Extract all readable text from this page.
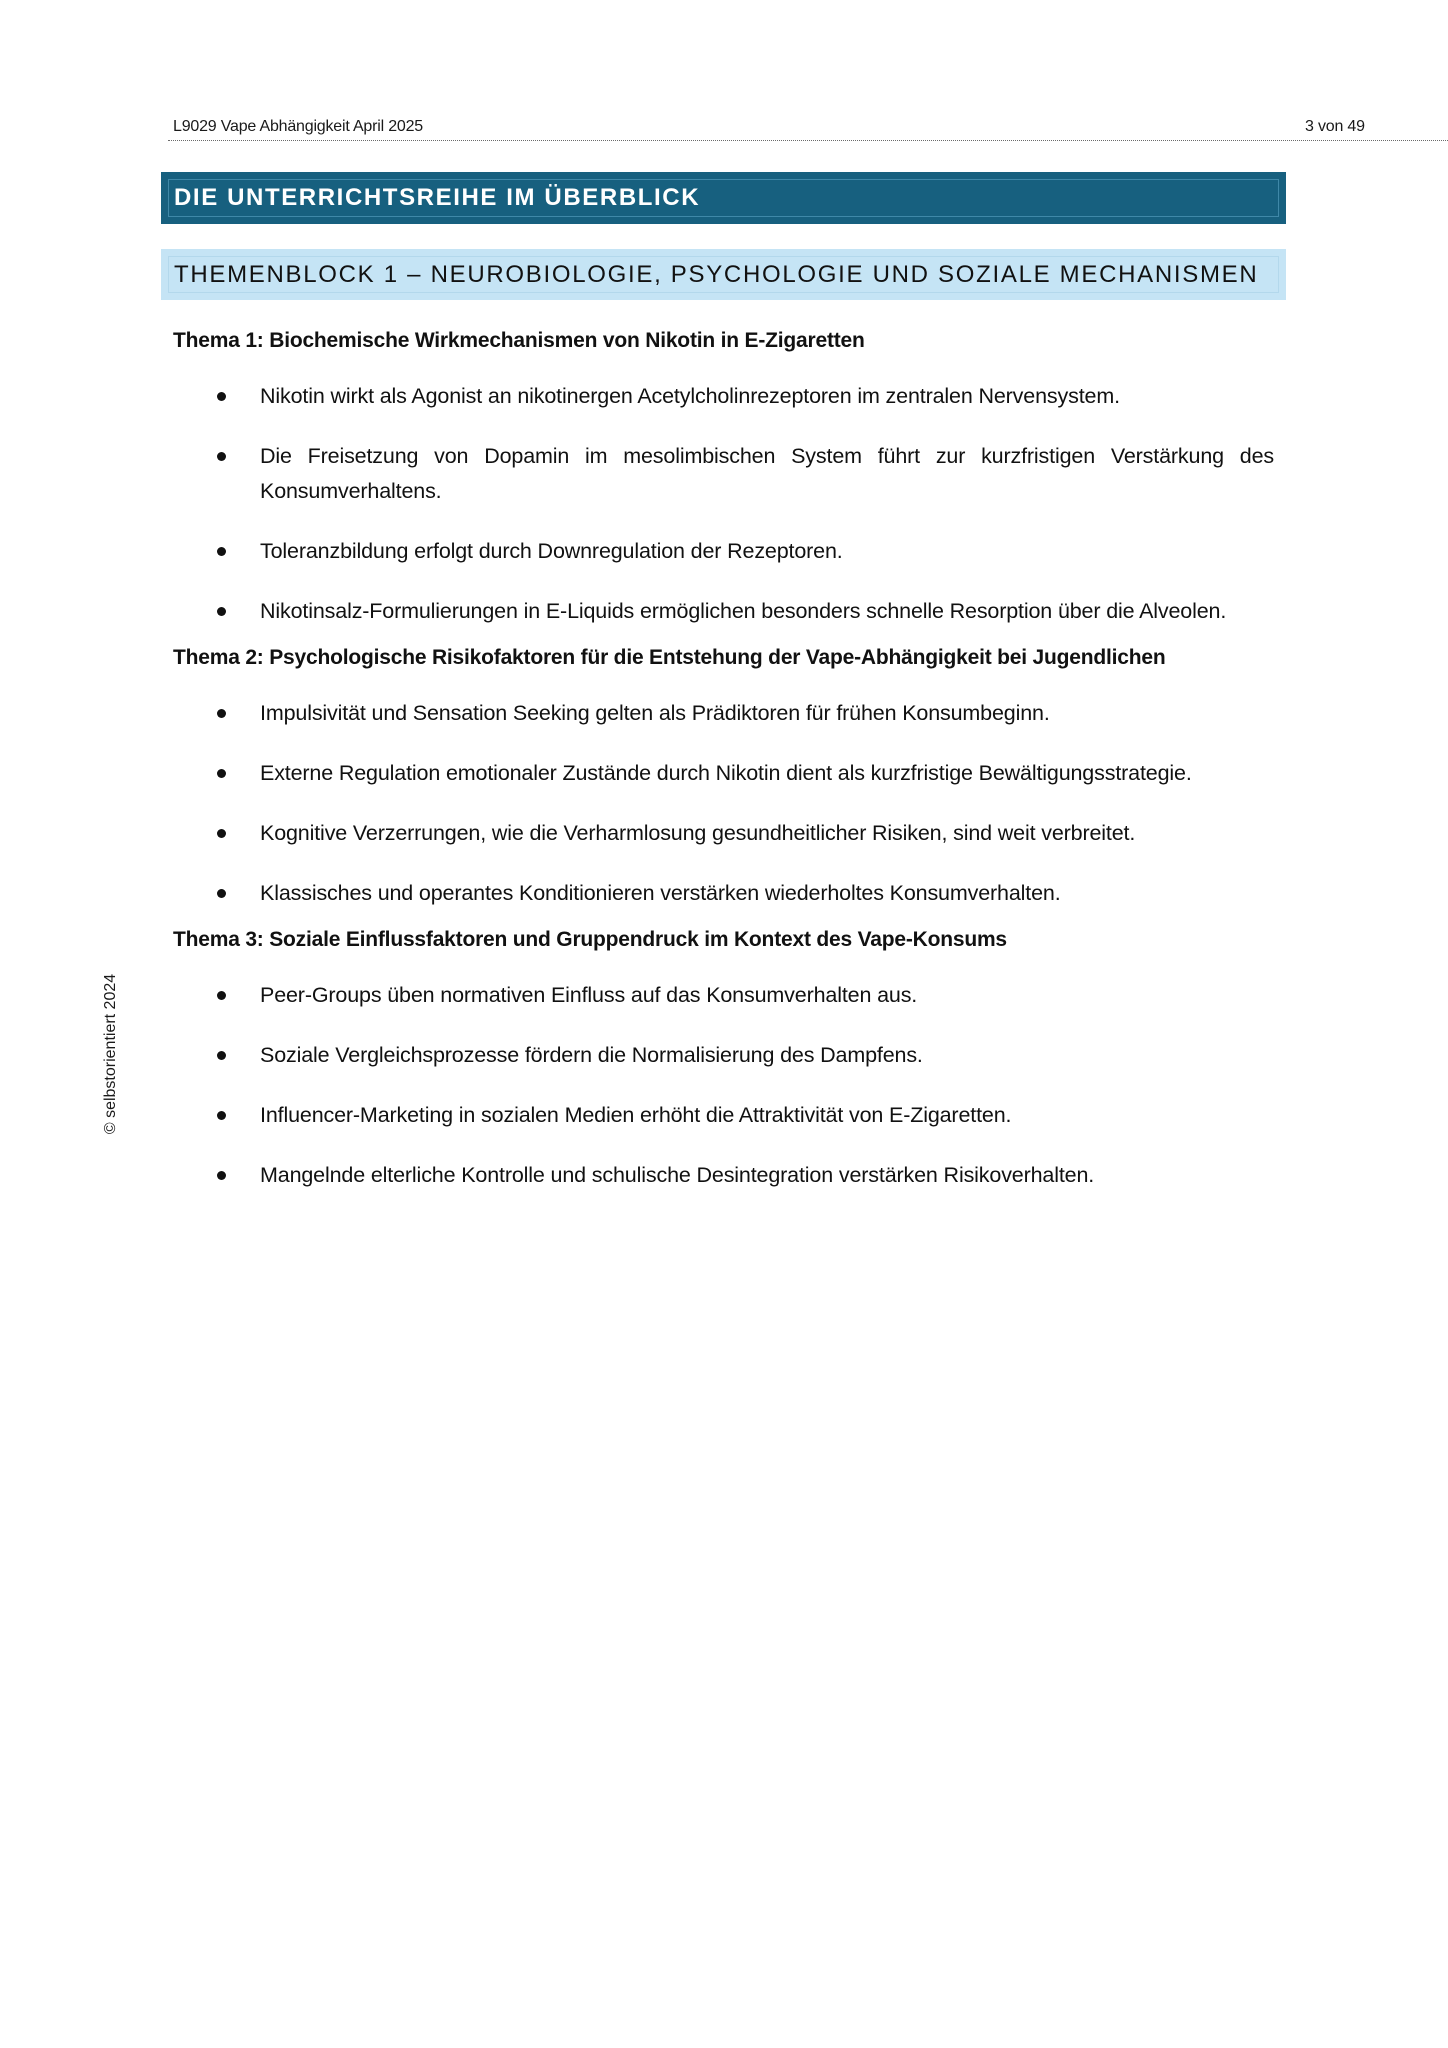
L9029 Vape Abhängigkeit April 2025	3 von 49
© selbstorientiert 2024
DIE UNTERRICHTSREIHE IM ÜBERBLICK
THEMENBLOCK 1 – NEUROBIOLOGIE, PSYCHOLOGIE UND SOZIALE MECHANISMEN
Thema 1: Biochemische Wirkmechanismen von Nikotin in E-Zigaretten
Nikotin wirkt als Agonist an nikotinergen Acetylcholinrezeptoren im zentralen Nervensystem.
Die Freisetzung von Dopamin im mesolimbischen System führt zur kurzfristigen Verstärkung des Konsumverhaltens.
Toleranzbildung erfolgt durch Downregulation der Rezeptoren.
Nikotinsalz-Formulierungen in E-Liquids ermöglichen besonders schnelle Resorption über die Alveolen.
Thema 2: Psychologische Risikofaktoren für die Entstehung der Vape-Abhängigkeit bei Jugendlichen
Impulsivität und Sensation Seeking gelten als Prädiktoren für frühen Konsumbeginn.
Externe Regulation emotionaler Zustände durch Nikotin dient als kurzfristige Bewältigungsstrategie.
Kognitive Verzerrungen, wie die Verharmlosung gesundheitlicher Risiken, sind weit verbreitet.
Klassisches und operantes Konditionieren verstärken wiederholtes Konsumverhalten.
Thema 3: Soziale Einflussfaktoren und Gruppendruck im Kontext des Vape-Konsums
Peer-Groups üben normativen Einfluss auf das Konsumverhalten aus.
Soziale Vergleichsprozesse fördern die Normalisierung des Dampfens.
Influencer-Marketing in sozialen Medien erhöht die Attraktivität von E-Zigaretten.
Mangelnde elterliche Kontrolle und schulische Desintegration verstärken Risikoverhalten.
